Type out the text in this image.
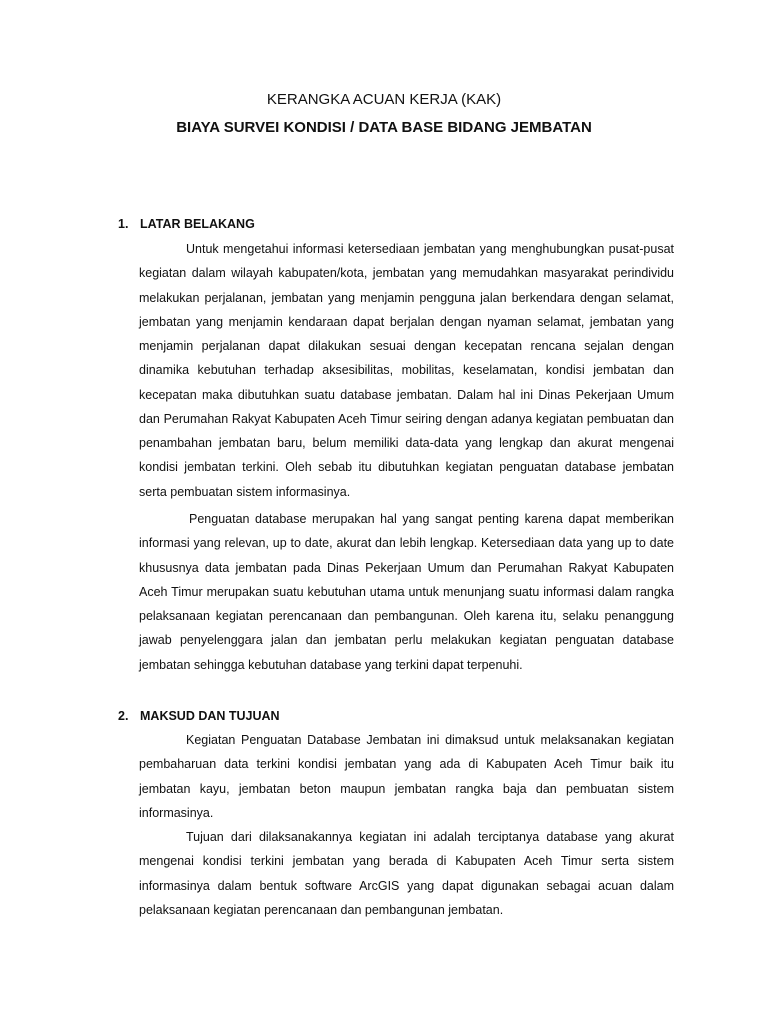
KERANGKA ACUAN KERJA (KAK)
BIAYA SURVEI KONDISI / DATA BASE BIDANG JEMBATAN
1. LATAR BELAKANG

Untuk mengetahui informasi ketersediaan jembatan yang menghubungkan pusat-pusat kegiatan dalam wilayah kabupaten/kota, jembatan yang memudahkan masyarakat perindividu melakukan perjalanan, jembatan yang menjamin pengguna jalan berkendara dengan selamat, jembatan yang menjamin kendaraan dapat berjalan dengan nyaman selamat, jembatan yang menjamin perjalanan dapat dilakukan sesuai dengan kecepatan rencana sejalan dengan dinamika kebutuhan terhadap aksesibilitas, mobilitas, keselamatan, kondisi jembatan dan kecepatan maka dibutuhkan suatu database jembatan. Dalam hal ini Dinas Pekerjaan Umum dan Perumahan Rakyat Kabupaten Aceh Timur seiring dengan adanya kegiatan pembuatan dan penambahan jembatan baru, belum memiliki data-data yang lengkap dan akurat mengenai kondisi jembatan terkini. Oleh sebab itu dibutuhkan kegiatan penguatan database jembatan serta pembuatan sistem informasinya.

Penguatan database merupakan hal yang sangat penting karena dapat memberikan informasi yang relevan, up to date, akurat dan lebih lengkap. Ketersediaan data yang up to date khususnya data jembatan pada Dinas Pekerjaan Umum dan Perumahan Rakyat Kabupaten Aceh Timur merupakan suatu kebutuhan utama untuk menunjang suatu informasi dalam rangka pelaksanaan kegiatan perencanaan dan pembangunan. Oleh karena itu, selaku penanggung jawab penyelenggara jalan dan jembatan perlu melakukan kegiatan penguatan database jembatan sehingga kebutuhan database yang terkini dapat terpenuhi.

2. MAKSUD DAN TUJUAN

Kegiatan Penguatan Database Jembatan ini dimaksud untuk melaksanakan kegiatan pembaharuan data terkini kondisi jembatan yang ada di Kabupaten Aceh Timur baik itu jembatan kayu, jembatan beton maupun jembatan rangka baja dan pembuatan sistem informasinya.

Tujuan dari dilaksanakannya kegiatan ini adalah terciptanya database yang akurat mengenai kondisi terkini jembatan yang berada di Kabupaten Aceh Timur serta sistem informasinya dalam bentuk software ArcGIS yang dapat digunakan sebagai acuan dalam pelaksanaan kegiatan perencanaan dan pembangunan jembatan.
